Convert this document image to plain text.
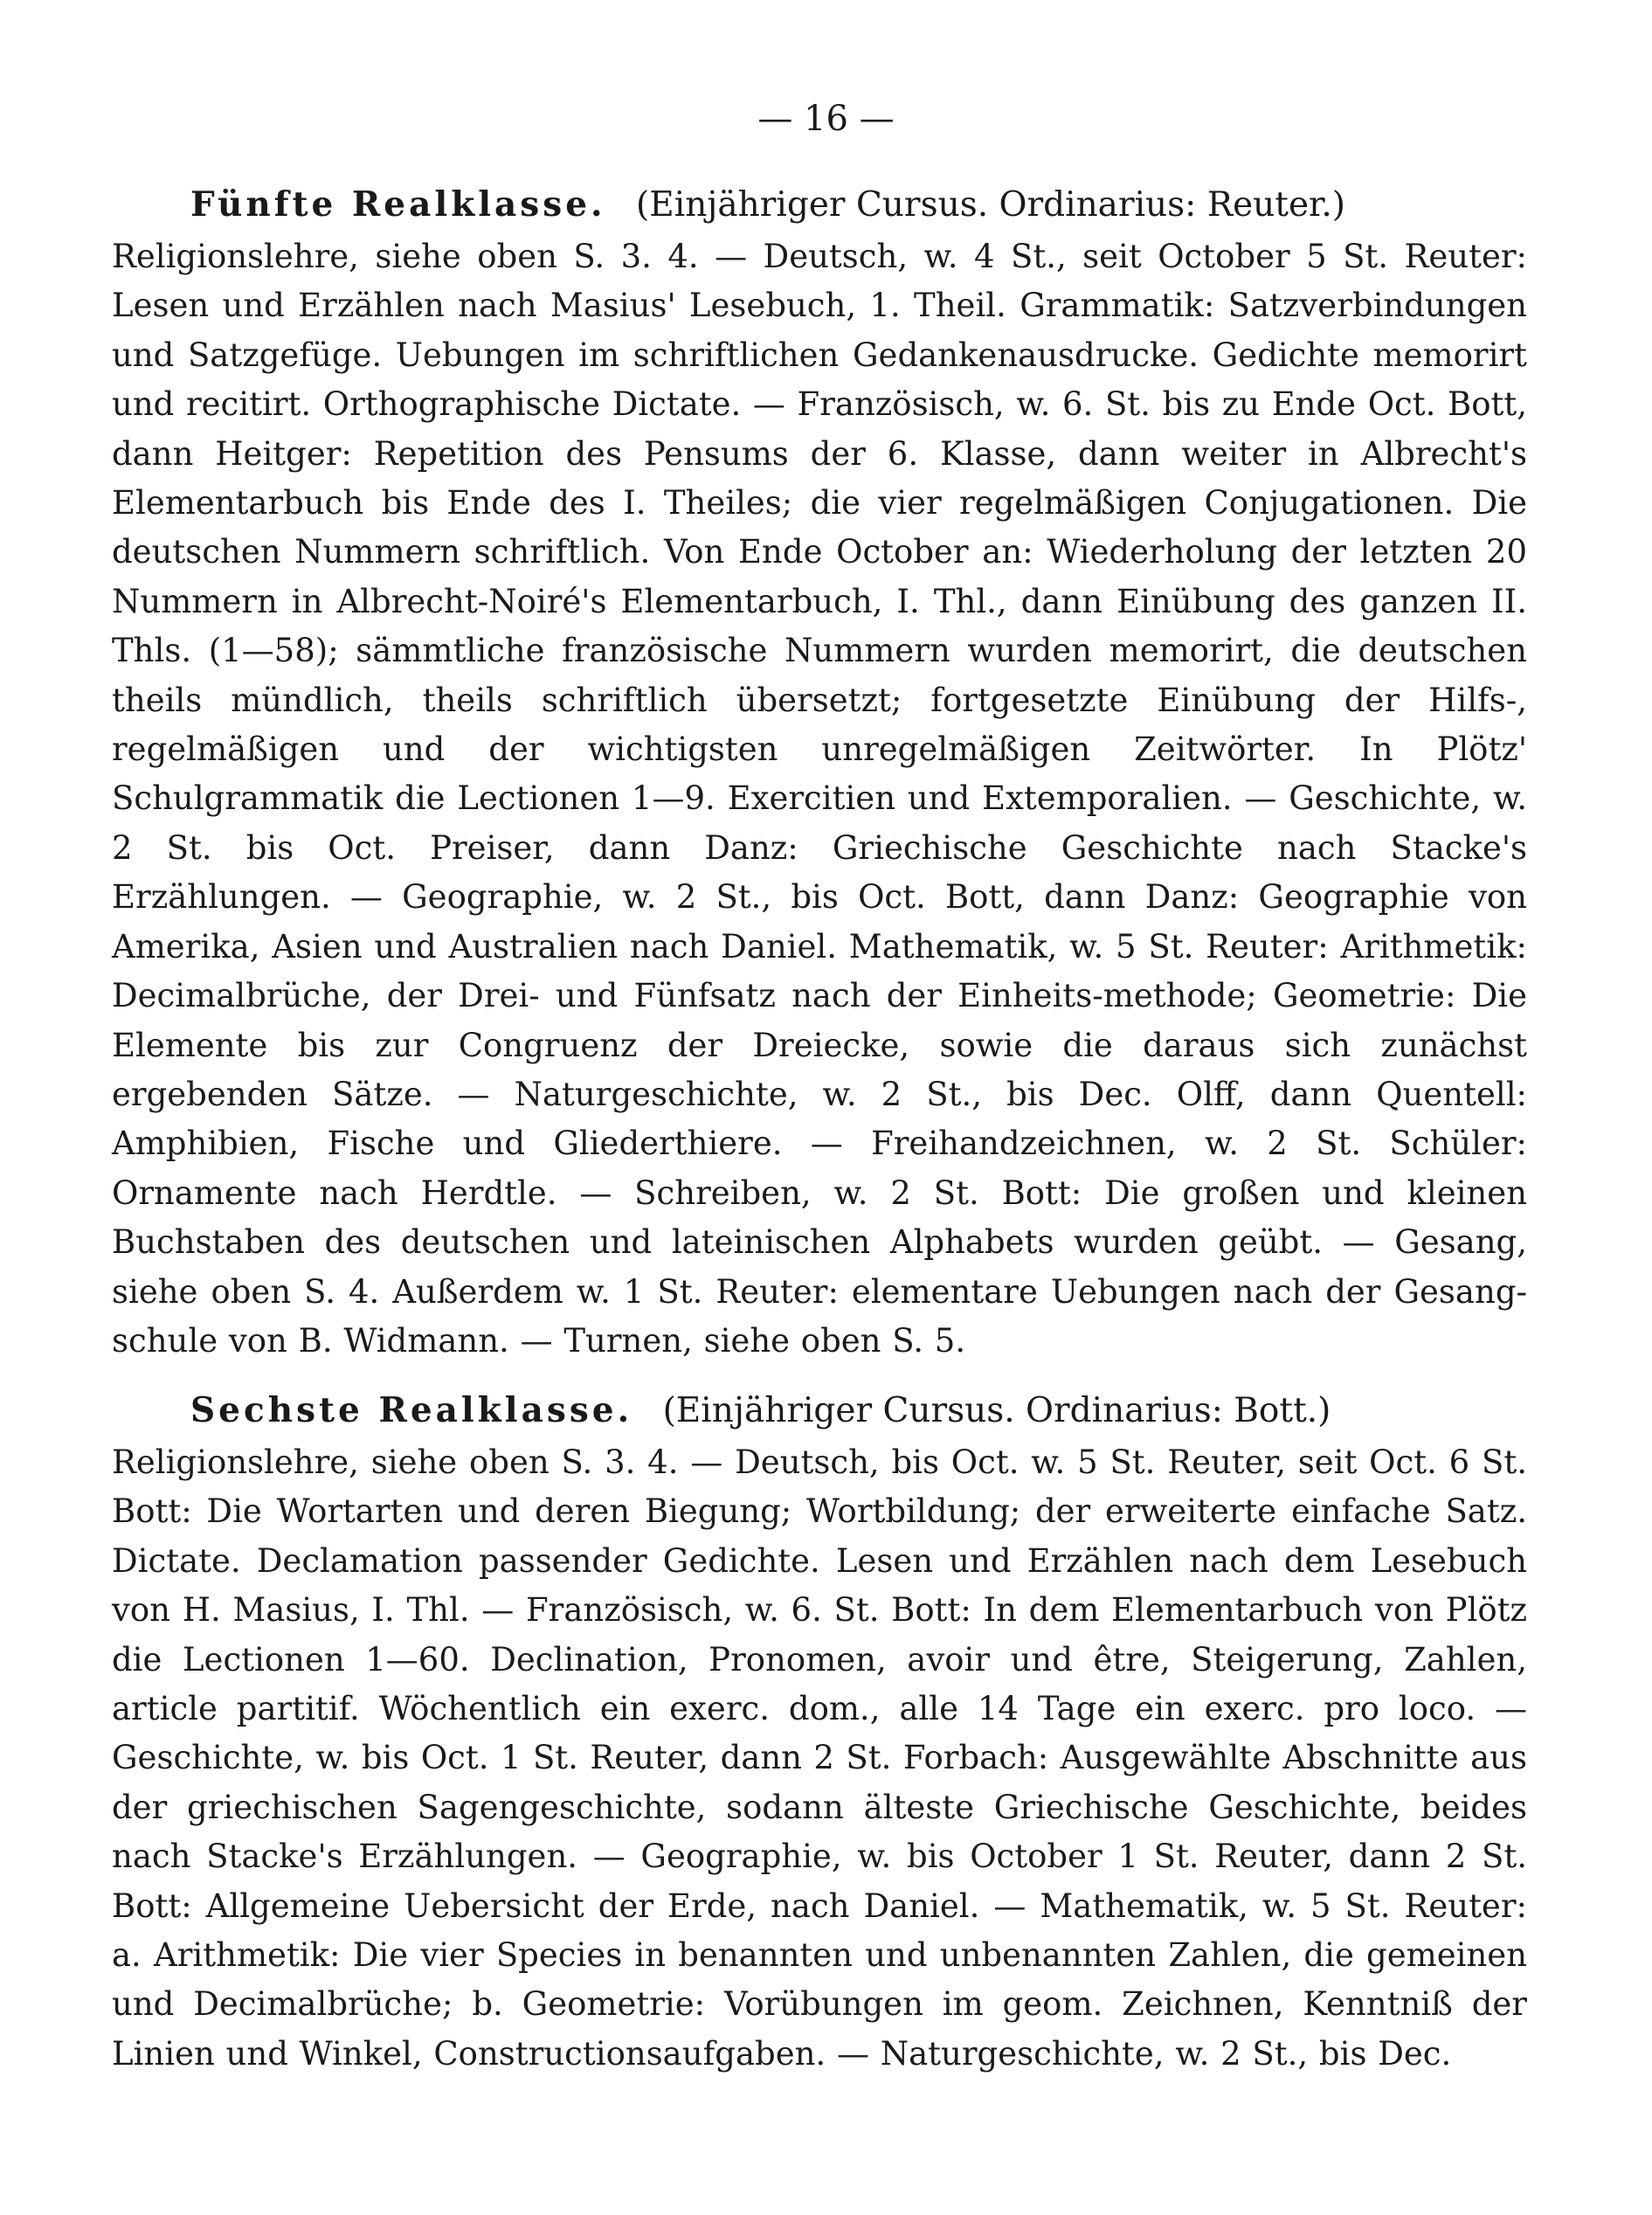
— 16 —
Fünfte Realklasse. (Einjähriger Cursus. Ordinarius: Reuter.)

Religionslehre, siehe oben S. 3. 4. — Deutsch, w. 4 St., seit October 5 St. Reuter: Lesen und Erzählen nach Masius' Lesebuch, 1. Theil. Grammatik: Satzverbindungen und Satzgefüge. Uebungen im schriftlichen Gedankenausdrucke. Gedichte memorirt und recitirt. Orthographische Dictate. — Französisch, w. 6. St. bis zu Ende Oct. Bott, dann Heitger: Repetition des Pensums der 6. Klasse, dann weiter in Albrecht's Elementarbuch bis Ende des I. Theiles; die vier regelmäßigen Conjugationen. Die deutschen Nummern schriftlich. Von Ende October an: Wiederholung der letzten 20 Nummern in Albrecht-Noiré's Elementarbuch, I. Thl., dann Einübung des ganzen II. Thls. (1—58); sämmtliche französische Nummern wurden memorirt, die deutschen theils mündlich, theils schriftlich übersetzt; fortgesetzte Einübung der Hilfs-, regelmäßigen und der wichtigsten unregelmäßigen Zeitwörter. In Plötz' Schulgrammatik die Lectionen 1—9. Exercitien und Extemporalien. — Geschichte, w. 2 St. bis Oct. Preiser, dann Danz: Griechische Geschichte nach Stacke's Erzählungen. — Geographie, w. 2 St., bis Oct. Bott, dann Danz: Geographie von Amerika, Asien und Australien nach Daniel. Mathematik, w. 5 St. Reuter: Arithmetik: Decimalbrüche, der Drei- und Fünfsatz nach der Einheits-methode; Geometrie: Die Elemente bis zur Congruenz der Dreiecke, sowie die daraus sich zunächst ergebenden Sätze. — Naturgeschichte, w. 2 St., bis Dec. Olff, dann Quentell: Amphibien, Fische und Gliederthiere. — Freihandzeichnen, w. 2 St. Schüler: Ornamente nach Herdtle. — Schreiben, w. 2 St. Bott: Die großen und kleinen Buchstaben des deutschen und lateinischen Alphabets wurden geübt. — Gesang, siehe oben S. 4. Außerdem w. 1 St. Reuter: elementare Uebungen nach der Gesang-schule von B. Widmann. — Turnen, siehe oben S. 5.

Sechste Realklasse. (Einjähriger Cursus. Ordinarius: Bott.)

Religionslehre, siehe oben S. 3. 4. — Deutsch, bis Oct. w. 5 St. Reuter, seit Oct. 6 St. Bott: Die Wortarten und deren Biegung; Wortbildung; der erweiterte einfache Satz. Dictate. Declamation passender Gedichte. Lesen und Erzählen nach dem Lesebuch von H. Masius, I. Thl. — Französisch, w. 6. St. Bott: In dem Elementarbuch von Plötz die Lectionen 1—60. Declination, Pronomen, avoir und être, Steigerung, Zahlen, article partitif. Wöchentlich ein exerc. dom., alle 14 Tage ein exerc. pro loco. — Geschichte, w. bis Oct. 1 St. Reuter, dann 2 St. Forbach: Ausgewählte Abschnitte aus der griechischen Sagengeschichte, sodann älteste Griechische Geschichte, beides nach Stacke's Erzählungen. — Geographie, w. bis October 1 St. Reuter, dann 2 St. Bott: Allgemeine Uebersicht der Erde, nach Daniel. — Mathematik, w. 5 St. Reuter: a. Arithmetik: Die vier Species in benannten und unbenannten Zahlen, die gemeinen und Decimalbrüche; b. Geometrie: Vorübungen im geom. Zeichnen, Kenntniß der Linien und Winkel, Constructionsaufgaben. — Naturgeschichte, w. 2 St., bis Dec.
